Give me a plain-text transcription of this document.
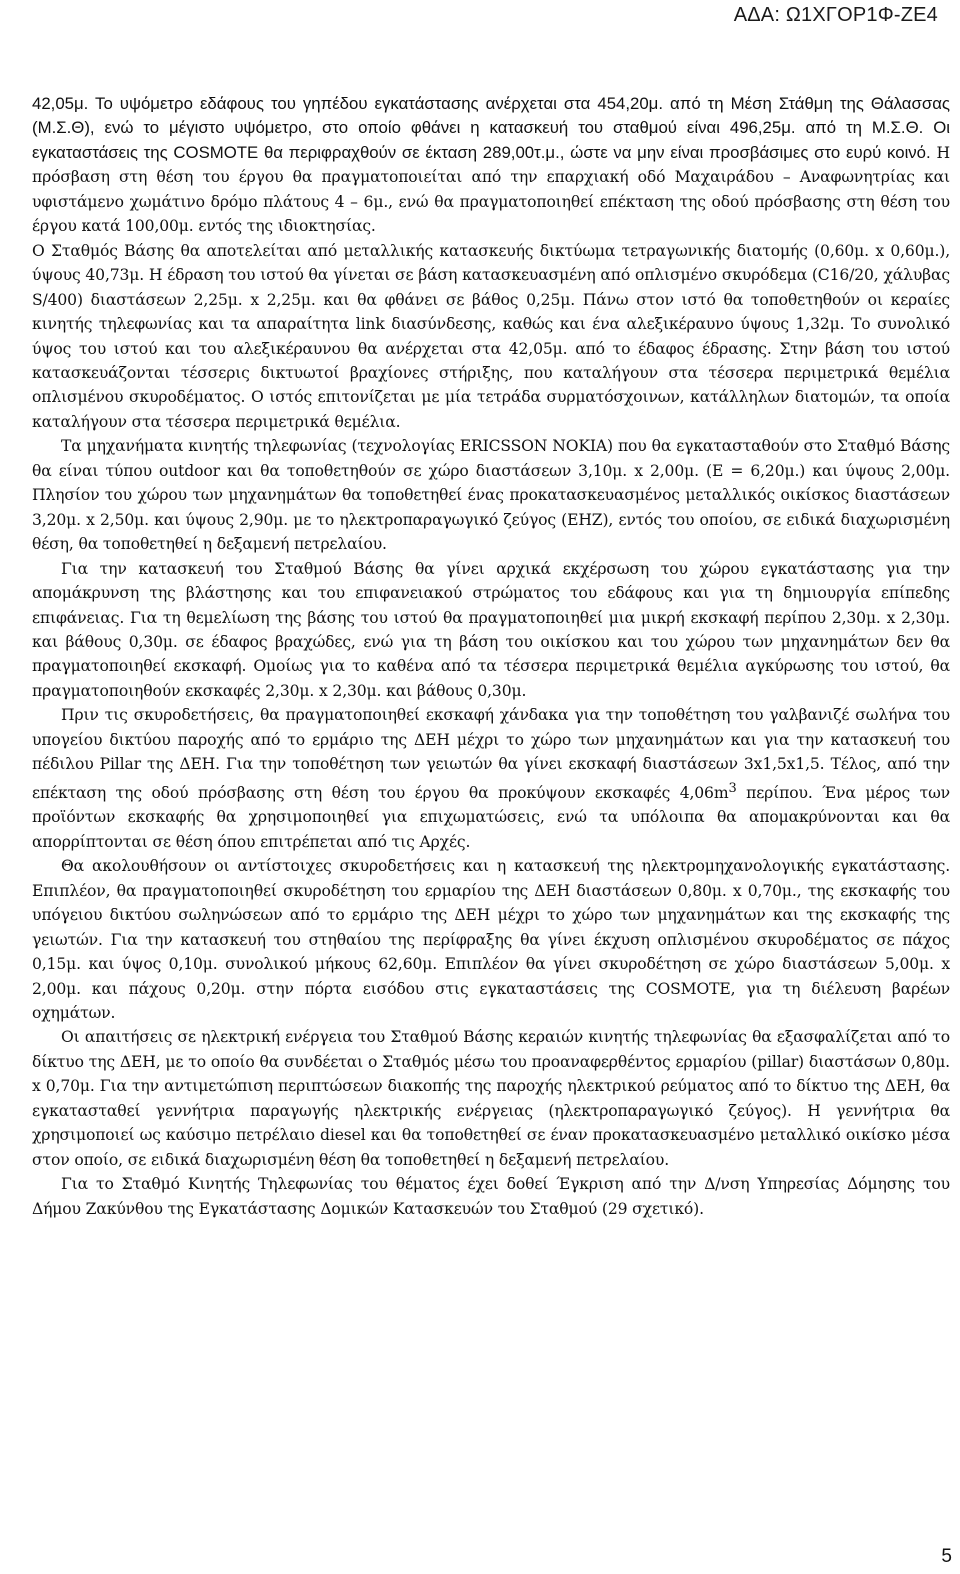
ΑΔΑ: Ω1ΧΓΟΡ1Φ-ΖΕ4

42,05μ. Το υψόμετρο εδάφους του γηπέδου εγκατάστασης ανέρχεται στα 454,20μ. από τη Μέση Στάθμη της Θάλασσας (Μ.Σ.Θ), ενώ το μέγιστο υψόμετρο, στο οποίο φθάνει η κατασκευή του σταθμού είναι 496,25μ. από τη Μ.Σ.Θ. Οι εγκαταστάσεις της COSMOTE θα περιφραχθούν σε έκταση 289,00τ.μ., ώστε να μην είναι προσβάσιμες στο ευρύ κοινό. Η πρόσβαση στη θέση του έργου θα πραγματοποιείται από την επαρχιακή οδό Μαχαιράδου – Αναφωνητρίας και υφιστάμενο χωμάτινο δρόμο πλάτους 4 – 6μ., ενώ θα πραγματοποιηθεί επέκταση της οδού πρόσβασης στη θέση του έργου κατά 100,00μ. εντός της ιδιοκτησίας.

Ο Σταθμός Βάσης θα αποτελείται από μεταλλικής κατασκευής δικτύωμα τετραγωνικής διατομής (0,60μ. x 0,60μ.), ύψους 40,73μ. Η έδραση του ιστού θα γίνεται σε βάση κατασκευασμένη από οπλισμένο σκυρόδεμα (C16/20, χάλυβας S/400) διαστάσεων 2,25μ. x 2,25μ. και θα φθάνει σε βάθος 0,25μ. Πάνω στον ιστό θα τοποθετηθούν οι κεραίες κινητής τηλεφωνίας και τα απαραίτητα link διασύνδεσης, καθώς και ένα αλεξικέραυνο ύψους 1,32μ. Το συνολικό ύψος του ιστού και του αλεξικέραυνου θα ανέρχεται στα 42,05μ. από το έδαφος έδρασης. Στην βάση του ιστού κατασκευάζονται τέσσερις δικτυωτοί βραχίονες στήριξης, που καταλήγουν στα τέσσερα περιμετρικά θεμέλια οπλισμένου σκυροδέματος. Ο ιστός επιτονίζεται με μία τετράδα συρματόσχοινων, κατάλληλων διατομών, τα οποία καταλήγουν στα τέσσερα περιμετρικά θεμέλια.

Τα μηχανήματα κινητής τηλεφωνίας (τεχνολογίας ERICSSON NOKIA) που θα εγκατασταθούν στο Σταθμό Βάσης θα είναι τύπου outdoor και θα τοποθετηθούν σε χώρο διαστάσεων 3,10μ. x 2,00μ. (E = 6,20μ.) και ύψους 2,00μ. Πλησίον του χώρου των μηχανημάτων θα τοποθετηθεί ένας προκατασκευασμένος μεταλλικός οικίσκος διαστάσεων 3,20μ. x 2,50μ. και ύψους 2,90μ. με το ηλεκτροπαραγωγικό ζεύγος (ΕΗΖ), εντός του οποίου, σε ειδικά διαχωρισμένη θέση, θα τοποθετηθεί η δεξαμενή πετρελαίου.

Για την κατασκευή του Σταθμού Βάσης θα γίνει αρχικά εκχέρσωση του χώρου εγκατάστασης για την απομάκρυνση της βλάστησης και του επιφανειακού στρώματος του εδάφους και για τη δημιουργία επίπεδης επιφάνειας. Για τη θεμελίωση της βάσης του ιστού θα πραγματοποιηθεί μια μικρή εκσκαφή περίπου 2,30μ. x 2,30μ. και βάθους 0,30μ. σε έδαφος βραχώδες, ενώ για τη βάση του οικίσκου και του χώρου των μηχανημάτων δεν θα πραγματοποιηθεί εκσκαφή. Ομοίως για το καθένα από τα τέσσερα περιμετρικά θεμέλια αγκύρωσης του ιστού, θα πραγματοποιηθούν εκσκαφές 2,30μ. x 2,30μ. και βάθους 0,30μ.

Πριν τις σκυροδετήσεις, θα πραγματοποιηθεί εκσκαφή χάνδακα για την τοποθέτηση του γαλβανιζέ σωλήνα του υπογείου δικτύου παροχής από το ερμάριο της ΔΕΗ μέχρι το χώρο των μηχανημάτων και για την κατασκευή του πέδιλου Pillar της ΔΕΗ. Για την τοποθέτηση των γειωτών θα γίνει εκσκαφή διαστάσεων 3x1,5x1,5. Τέλος, από την επέκταση της οδού πρόσβασης στη θέση του έργου θα προκύψουν εκσκαφές $4,06m^3$ περίπου. Ένα μέρος των προϊόντων εκσκαφής θα χρησιμοποιηθεί για επιχωματώσεις, ενώ τα υπόλοιπα θα απομακρύνονται και θα απορρίπτονται σε θέση όπου επιτρέπεται από τις Αρχές.

Θα ακολουθήσουν οι αντίστοιχες σκυροδετήσεις και η κατασκευή της ηλεκτρομηχανολογικής εγκατάστασης. Επιπλέον, θα πραγματοποιηθεί σκυροδέτηση του ερμαρίου της ΔΕΗ διαστάσεων 0,80μ. x 0,70μ., της εκσκαφής του υπόγειου δικτύου σωληνώσεων από το ερμάριο της ΔΕΗ μέχρι το χώρο των μηχανημάτων και της εκσκαφής της γειωτών. Για την κατασκευή του στηθαίου της περίφραξης θα γίνει έκχυση οπλισμένου σκυροδέματος σε πάχος 0,15μ. και ύψος 0,10μ. συνολικού μήκους 62,60μ. Επιπλέον θα γίνει σκυροδέτηση σε χώρο διαστάσεων 5,00μ. x 2,00μ. και πάχους 0,20μ. στην πόρτα εισόδου στις εγκαταστάσεις της COSMOTE, για τη διέλευση βαρέων οχημάτων.

Οι απαιτήσεις σε ηλεκτρική ενέργεια του Σταθμού Βάσης κεραιών κινητής τηλεφωνίας θα εξασφαλίζεται από το δίκτυο της ΔΕΗ, με το οποίο θα συνδέεται ο Σταθμός μέσω του προαναφερθέντος ερμαρίου (pillar) διαστάσων 0,80μ. x 0,70μ. Για την αντιμετώπιση περιπτώσεων διακοπής της παροχής ηλεκτρικού ρεύματος από το δίκτυο της ΔΕΗ, θα εγκατασταθεί γεννήτρια παραγωγής ηλεκτρικής ενέργειας (ηλεκτροπαραγωγικό ζεύγος). Η γεννήτρια θα χρησιμοποιεί ως καύσιμο πετρέλαιο diesel και θα τοποθετηθεί σε έναν προκατασκευασμένο μεταλλικό οικίσκο μέσα στον οποίο, σε ειδικά διαχωρισμένη θέση θα τοποθετηθεί η δεξαμενή πετρελαίου.

Για το Σταθμό Κινητής Τηλεφωνίας του θέματος έχει δοθεί Έγκριση από την Δ/νση Υπηρεσίας Δόμησης του Δήμου Ζακύνθου της Εγκατάστασης Δομικών Κατασκευών του Σταθμού (29 σχετικό).

5
